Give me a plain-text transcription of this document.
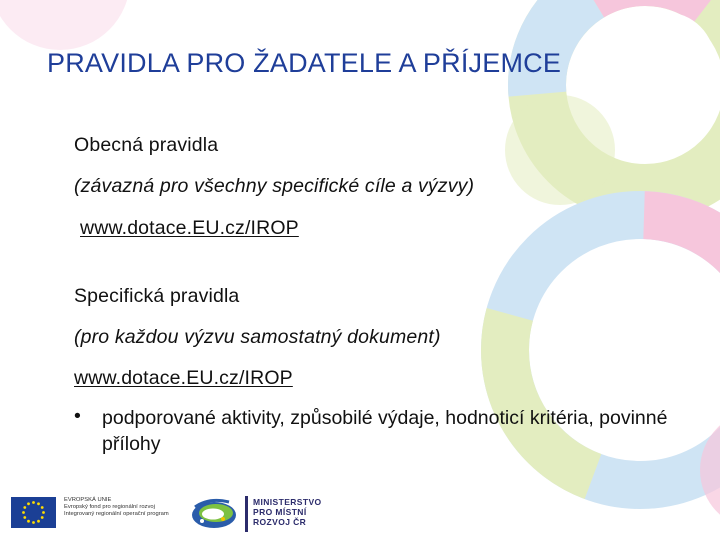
PRAVIDLA PRO ŽADATELE A PŘÍJEMCE
Obecná pravidla
(závazná pro všechny specifické cíle a výzvy)
www.dotace.EU.cz/IROP
Specifická pravidla
(pro každou výzvu samostatný dokument)
www.dotace.EU.cz/IROP
• podporované aktivity, způsobilé výdaje, hodnoticí kritéria, povinné přílohy
EVROPSKÁ UNIE
Evropský fond pro regionální rozvoj
Integrovaný regionální operační program
MINISTERSTVO
PRO MÍSTNÍ
ROZVOJ ČR
